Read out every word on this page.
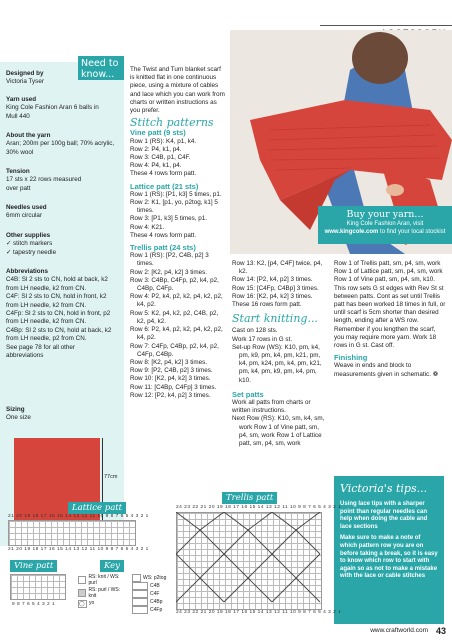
Need to know...
Designed by
Victoria Tyser
Yarn used
King Cole Fashion Aran 6 balls in Mull 440
About the yarn
Aran; 200m per 100g ball; 70% acrylic, 30% wool
Tension
17 sts x 22 rows measured over patt
Needles used
6mm circular
Other supplies
✓ stitch markers
✓ tapestry needle
Abbreviations
C4B: Sl 2 sts to CN, hold at back, k2 from LH needle, k2 from CN.
C4F: Sl 2 sts to CN, hold in front, k2 from LH needle, k2 from CN.
C4Fp: Sl 2 sts to CN, hold in front, p2 from LH needle, k2 from CN.
C4Bp: Sl 2 sts to CN, hold at back, k2 from LH needle, p2 from CN.
See page 78 for all other abbreviations
Sizing
One size
77cm
The Twist and Turn blanket scarf is knitted flat in one continuous piece, using a mixture of cables and lace which you can work from charts or written instructions as you prefer.
Stitch patterns
Vine patt (9 sts)
Row 1 (RS): K4, p1, k4.
Row 2: P4, k1, p4.
Row 3: C4B, p1, C4F.
Row 4: P4, k1, p4.
These 4 rows form patt.
Lattice patt (21 sts)
Row 1 (RS): [P1, k3] 5 times, p1.
Row 2: K1, [p1, yo, p2tog, k1] 5 times.
Row 3: [P1, k3] 5 times, p1.
Row 4: K21.
These 4 rows form patt.
Trellis patt (24 sts)
Row 1 (RS): [P2, C4B, p2] 3 times.
Row 2: [K2, p4, k2] 3 times.
Row 3: C4Bp, C4Fp, p2, k4, p2, C4Bp, C4Fp.
Row 4: P2, k4, p2, k2, p4, k2, p2, k4, p2.
Row 5: K2, p4, k2, p2, C4B, p2, k2, p4, k2.
Row 6: P2, k4, p2, k2, p4, k2, p2, k4, p2.
Row 7: C4Fp, C4Bp, p2, k4, p2, C4Fp, C4Bp.
Row 8: [K2, p4, k2] 3 times.
Row 9: [P2, C4B, p2] 3 times.
Row 10: [K2, p4, k2] 3 times.
Row 11: [C4Bp, C4Fp] 3 times.
Row 12: [P2, k4, p2] 3 times.
Buy your yarn...
King Cole Fashion Aran, visit
www.kingcole.com to find your local stockist
Row 13: K2, [p4, C4F] twice, p4, k2.
Row 14: [P2, k4, p2] 3 times.
Row 15: [C4Fp, C4Bp] 3 times.
Row 16: [K2, p4, k2] 3 times.
These 16 rows form patt.
Start knitting...
Cast on 128 sts.
Work 17 rows in G st.
Set-up Row (WS): K10, pm, k4, pm, k9, pm, k4, pm, k21, pm, k4, pm, k24, pm, k4, pm, k21, pm, k4, pm, k9, pm, k4, pm, k10.
Set patts
Work all patts from charts or written instructions.
Next Row (RS): K10, sm, k4, sm, work Row 1 of Vine patt, sm, p4, sm, work Row 1 of Lattice patt, sm, p4, sm, work
Row 1 of Trellis patt, sm, p4, sm, work Row 1 of Lattice patt, sm, p4, sm, work Row 1 of Vine patt, sm, p4, sm, k10. This row sets G st edges with Rev St st between patts. Cont as set until Trellis patt has been worked 18 times in full, or until scarf is 5cm shorter than desired length, ending after a WS row. Remember if you lengthen the scarf, you may require more yarn. Work 18 rows in G st. Cast off.
Finishing
Weave in ends and block to measurements given in schematic. ❁
Victoria's tips...

Using lace tips with a sharper point than regular needles can help when doing the cable and lace sections

Make sure to make a note of which pattern row you are on before taking a break, so it is easy to know which row to start with again so as not to make a mistake with the lace or cable stitches

Lattice patt
21 20 19 18 17 16 15 14 13 12 11 10 9 8 7 6 5 4 3 2 1
21 20 19 18 17 16 15 14 13 12 11 10 9 8 7 6 5 4 3 2 1
Vine patt
9 8 7 6 5 4 3 2 1
Key
RS: knit / WS: purl
RS: purl / WS: knit
◯ yo
WS: p2tog
C4B
C4F
C4Bp
C4Fp
Trellis patt
24 23 22 21 20 19 18 17 16 15 14 13 12 11 10 9 8 7 6 5 4 3 2 1
24 23 22 21 20 19 18 17 16 15 14 13 12 11 10 9 8 7 6 5 4 3 2 1
www.craftworld.com 43
